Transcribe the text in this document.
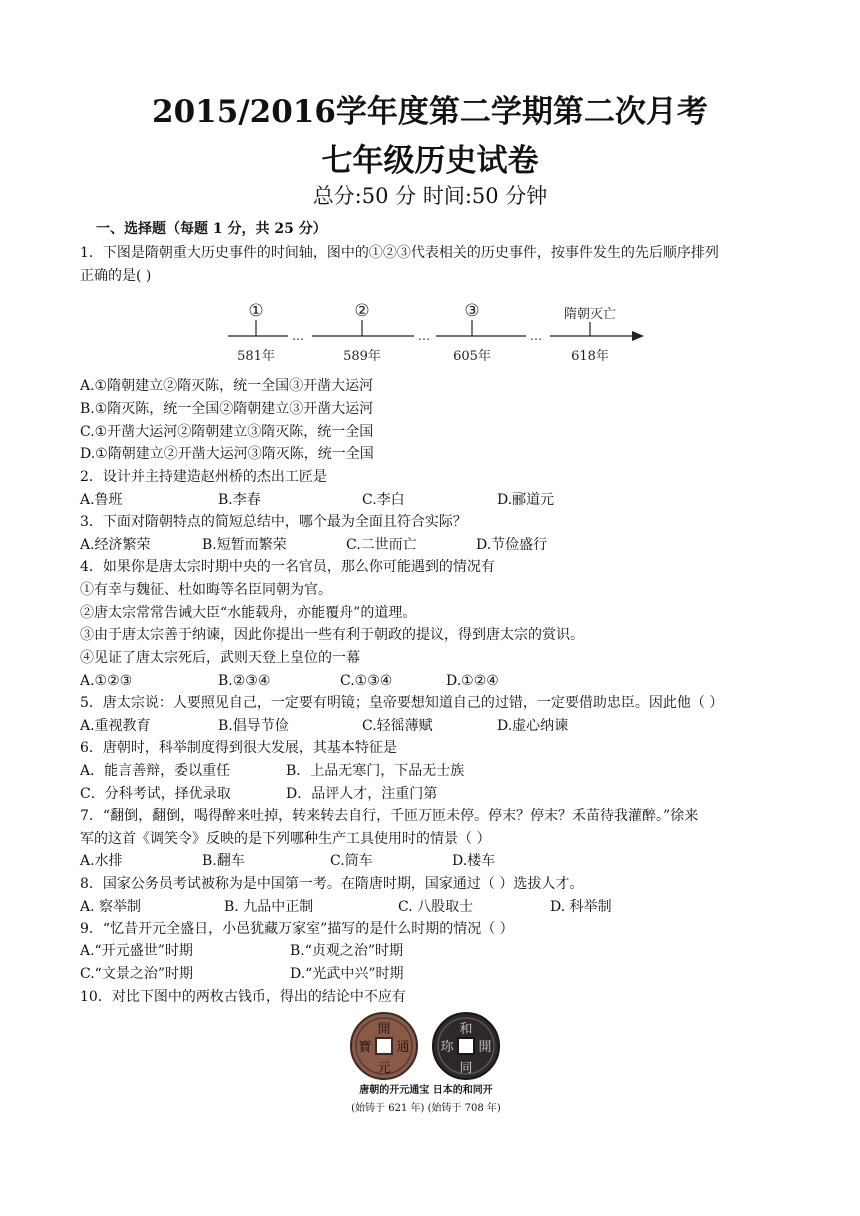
2015/2016学年度第二学期第二次月考
七年级历史试卷
总分:50 分 时间:50 分钟
一、选择题（每题 1 分，共 25 分）
1．下图是隋朝重大历史事件的时间轴，图中的①②③代表相关的历史事件，按事件发生的先后顺序排列
正确的是( )
…	…	…
①	②	③	隋朝灭亡
581年	589年	605年	618年
A.①隋朝建立②隋灭陈，统一全国③开凿大运河
B.①隋灭陈，统一全国②隋朝建立③开凿大运河
C.①开凿大运河②隋朝建立③隋灭陈，统一全国
D.①隋朝建立②开凿大运河③隋灭陈，统一全国
2．设计并主持建造赵州桥的杰出工匠是
A.鲁班	B.李春	C.李白	D.郦道元
3．下面对隋朝特点的简短总结中，哪个最为全面且符合实际？
A.经济繁荣	B.短暂而繁荣	C.二世而亡	D.节俭盛行
4．如果你是唐太宗时期中央的一名官员，那么你可能遇到的情况有
①有幸与魏征、杜如晦等名臣同朝为官。
②唐太宗常常告诫大臣“水能载舟，亦能覆舟”的道理。
③由于唐太宗善于纳谏，因此你提出一些有利于朝政的提议，得到唐太宗的赏识。
④见证了唐太宗死后，武则天登上皇位的一幕
A.①②③	B.②③④	C.①③④	D.①②④
5．唐太宗说：人要照见自己，一定要有明镜；皇帝要想知道自己的过错，一定要借助忠臣。因此他（ ）
A.重视教育	B.倡导节俭	C.轻徭薄赋	D.虚心纳谏
6．唐朝时，科举制度得到很大发展，其基本特征是
A．能言善辩，委以重任	B．上品无寒门，下品无士族
C．分科考试，择优录取	D．品评人才，注重门第
7．“翻倒，翻倒，喝得醉来吐掉，转来转去自行，千匝万匝未停。停末？停末？禾苗待我灌醉。”徐来
军的这首《调笑令》反映的是下列哪种生产工具使用时的情景（ ）
A.水排	B.翻车	C.筒车	D.楼车
8．国家公务员考试被称为是中国第一考。在隋唐时期，国家通过（ ）选拔人才。
A. 察举制	B. 九品中正制	C. 八股取士	D. 科举制
9．“忆昔开元全盛日，小邑犹藏万家室”描写的是什么时期的情况（ ）
A.“开元盛世”时期	B.“贞观之治”时期
C.“文景之治”时期	D.“光武中兴”时期
10．对比下图中的两枚古钱币，得出的结论中不应有
開
元
通
寶
和
同
開
珎
唐朝的开元通宝 日本的和同开
(始铸于 621 年) (始铸于 708 年)
